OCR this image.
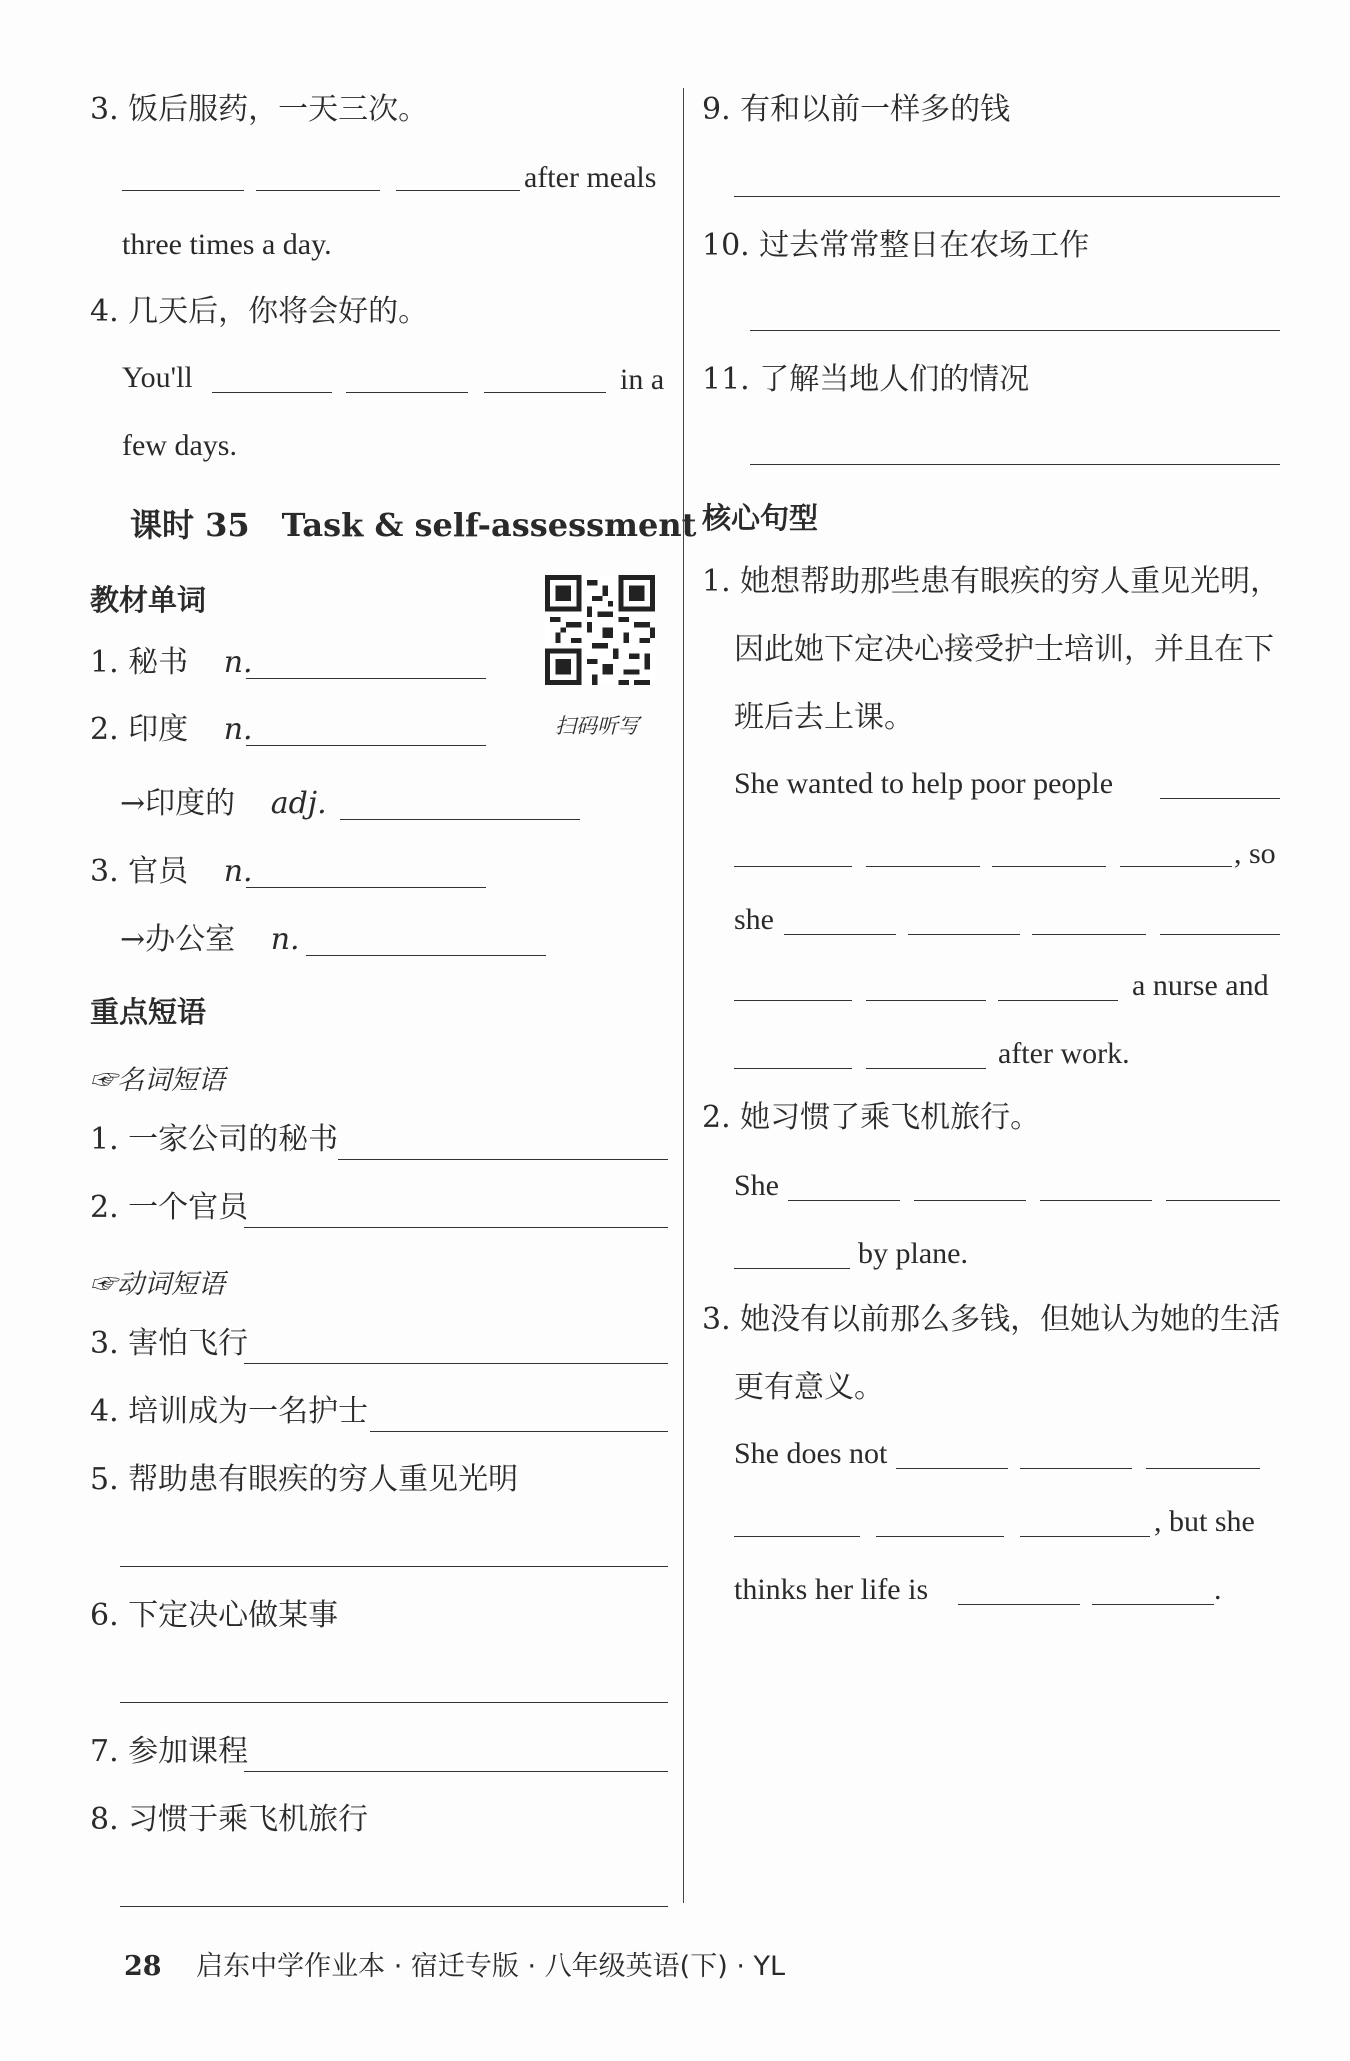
3. 饭后服药，一天三次。
after meals
three times a day.
4. 几天后，你将会好的。
You'll	in a
few days.
课时 35　Task & self-assessment
教材单词
扫码听写
1. 秘书 n.
2. 印度 n.
→印度的 adj.
3. 官员 n.
→办公室 n.
重点短语
☞名词短语
1. 一家公司的秘书
2. 一个官员
☞动词短语
3. 害怕飞行
4. 培训成为一名护士
5. 帮助患有眼疾的穷人重见光明
6. 下定决心做某事
7. 参加课程
8. 习惯于乘飞机旅行
9. 有和以前一样多的钱
10. 过去常常整日在农场工作
11. 了解当地人们的情况
核心句型
1. 她想帮助那些患有眼疾的穷人重见光明，
因此她下定决心接受护士培训，并且在下
班后去上课。
She wanted to help poor people
, so
she
a nurse and
after work.
2. 她习惯了乘飞机旅行。
She
by plane.
3. 她没有以前那么多钱，但她认为她的生活
更有意义。
She does not
, but she
thinks her life is	.
28 启东中学作业本 · 宿迁专版 · 八年级英语(下) · YL
